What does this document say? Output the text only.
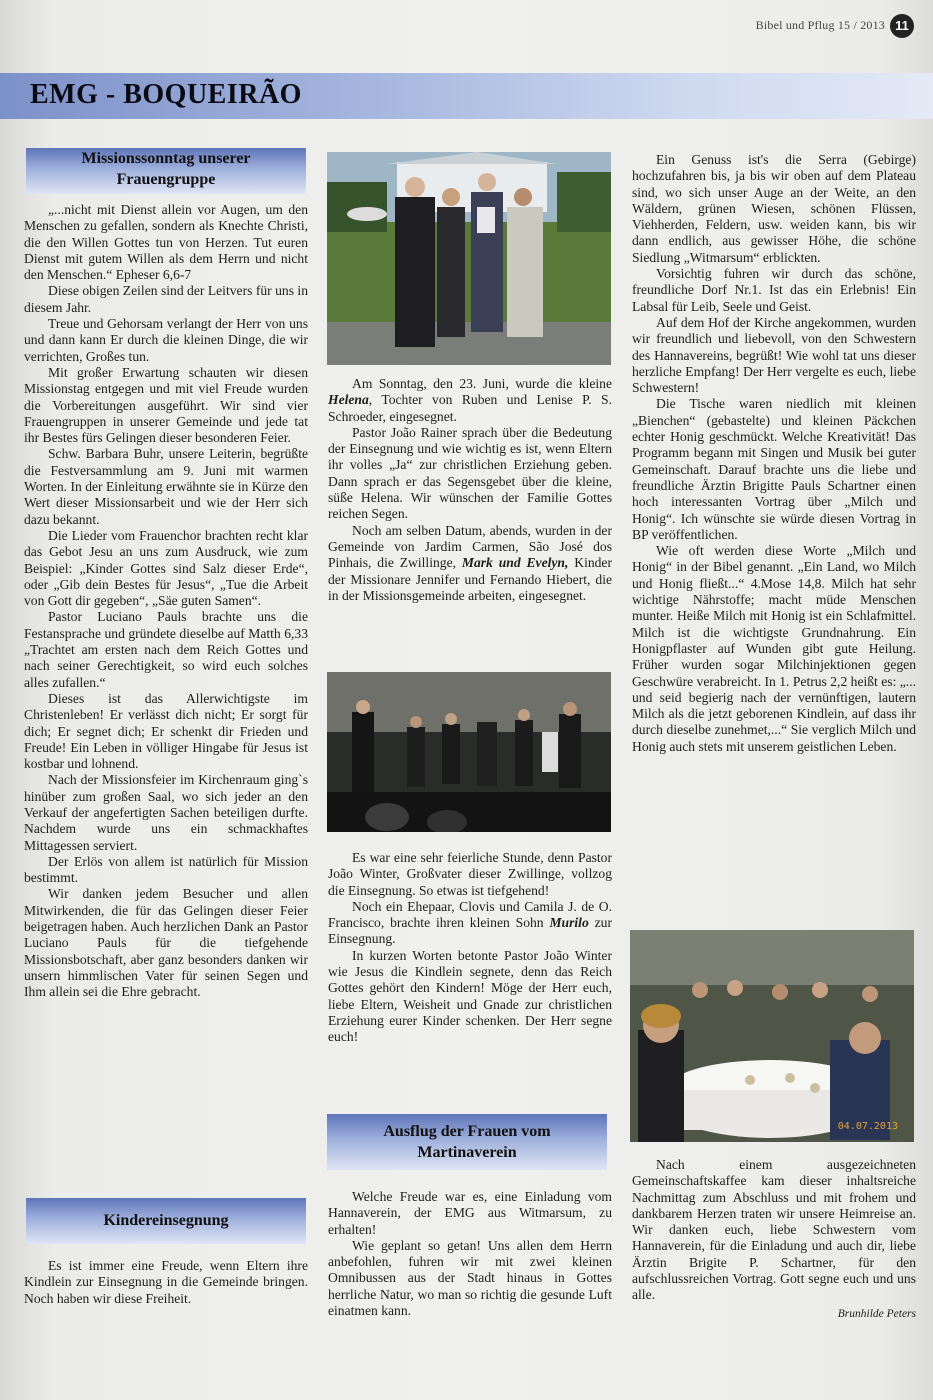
Bibel und Pflug 15 / 2013 11
EMG - BOQUEIRÃO
Missionssonntag unserer Frauengruppe

„...nicht mit Dienst allein vor Augen, um den Menschen zu gefallen, sondern als Knechte Christi, die den Willen Gottes tun von Herzen. Tut euren Dienst mit gutem Willen als dem Herrn und nicht den Menschen.“ Epheser 6,6-7

Diese obigen Zeilen sind der Leitvers für uns in diesem Jahr.

Treue und Gehorsam verlangt der Herr von uns und dann kann Er durch die kleinen Dinge, die wir verrichten, Großes tun.

Mit großer Erwartung schauten wir diesen Missionstag entgegen und mit viel Freude wurden die Vorbereitungen ausgeführt. Wir sind vier Frauengruppen in unserer Gemeinde und jede tat ihr Bestes fürs Gelingen dieser besonderen Feier.

Schw. Barbara Buhr, unsere Leiterin, begrüßte die Festversammlung am 9. Juni mit warmen Worten. In der Einleitung erwähnte sie in Kürze den Wert dieser Missionsarbeit und wie der Herr sich dazu bekannt.

Die Lieder vom Frauenchor brachten recht klar das Gebot Jesu an uns zum Ausdruck, wie zum Beispiel: „Kinder Gottes sind Salz dieser Erde“, oder „Gib dein Bestes für Jesus“, „Tue die Arbeit von Gott dir gegeben“, „Säe guten Samen“.

Pastor Luciano Pauls brachte uns die Festansprache und gründete dieselbe auf Matth 6,33 „Trachtet am ersten nach dem Reich Gottes und nach seiner Gerechtigkeit, so wird euch solches alles zufallen.“

Dieses ist das Allerwichtigste im Christenleben! Er verlässt dich nicht; Er sorgt für dich; Er segnet dich; Er schenkt dir Frieden und Freude! Ein Leben in völliger Hingabe für Jesus ist kostbar und lohnend.

Nach der Missionsfeier im Kirchenraum ging`s hinüber zum großen Saal, wo sich jeder an den Verkauf der angefertigten Sachen beteiligen durfte. Nachdem wurde uns ein schmackhaftes Mittagessen serviert.

Der Erlös von allem ist natürlich für Mission bestimmt.

Wir danken jedem Besucher und allen Mitwirkenden, die für das Gelingen dieser Feier beigetragen haben. Auch herzlichen Dank an Pastor Luciano Pauls für die tiefgehende Missionsbotschaft, aber ganz besonders danken wir unsern himmlischen Vater für seinen Segen und Ihm allein sei die Ehre gebracht.

Kindereinsegnung

Es ist immer eine Freude, wenn Eltern ihre Kindlein zur Einsegnung in die Gemeinde bringen. Noch haben wir diese Freiheit.

Am Sonntag, den 23. Juni, wurde die kleine Helena, Tochter von Ruben und Lenise P. S. Schroeder, eingesegnet.

Pastor João Rainer sprach über die Bedeutung der Einsegnung und wie wichtig es ist, wenn Eltern ihr volles „Ja“ zur christlichen Erziehung geben. Dann sprach er das Segensgebet über die kleine, süße Helena. Wir wünschen der Familie Gottes reichen Segen.

Noch am selben Datum, abends, wurden in der Gemeinde von Jardim Carmen, São José dos Pinhais, die Zwillinge, Mark und Evelyn, Kinder der Missionare Jennifer und Fernando Hiebert, die in der Missionsgemeinde arbeiten, eingesegnet.

Es war eine sehr feierliche Stunde, denn Pastor João Winter, Großvater dieser Zwillinge, vollzog die Einsegnung. So etwas ist tiefgehend!

Noch ein Ehepaar, Clovis und Camila J. de O. Francisco, brachte ihren kleinen Sohn Murilo zur Einsegnung.

In kurzen Worten betonte Pastor João Winter wie Jesus die Kindlein segnete, denn das Reich Gottes gehört den Kindern! Möge der Herr euch, liebe Eltern, Weisheit und Gnade zur christlichen Erziehung eurer Kinder schenken. Der Herr segne euch!

Ausflug der Frauen vom Martinaverein

Welche Freude war es, eine Einladung vom Hannaverein, der EMG aus Witmarsum, zu erhalten!

Wie geplant so getan! Uns allen dem Herrn anbefohlen, fuhren wir mit zwei kleinen Omnibussen aus der Stadt hinaus in Gottes herrliche Natur, wo man so richtig die gesunde Luft einatmen kann.

Ein Genuss ist's die Serra (Gebirge) hochzufahren bis, ja bis wir oben auf dem Plateau sind, wo sich unser Auge an der Weite, an den Wäldern, grünen Wiesen, schönen Flüssen, Viehherden, Feldern, usw. weiden kann, bis wir dann endlich, aus gewisser Höhe, die schöne Siedlung „Witmarsum“ erblickten.

Vorsichtig fuhren wir durch das schöne, freundliche Dorf Nr.1. Ist das ein Erlebnis! Ein Labsal für Leib, Seele und Geist.

Auf dem Hof der Kirche angekommen, wurden wir freundlich und liebevoll, von den Schwestern des Hannavereins, begrüßt! Wie wohl tat uns dieser herzliche Empfang! Der Herr vergelte es euch, liebe Schwestern!

Die Tische waren niedlich mit kleinen „Bienchen“ (gebastelte) und kleinen Päckchen echter Honig geschmückt. Welche Kreativität! Das Programm begann mit Singen und Musik bei guter Gemeinschaft. Darauf brachte uns die liebe und freundliche Ärztin Brigitte Pauls Schartner einen hoch interessanten Vortrag über „Milch und Honig“. Ich wünschte sie würde diesen Vortrag in BP veröffentlichen.

Wie oft werden diese Worte „Milch und Honig“ in der Bibel genannt. „Ein Land, wo Milch und Honig fließt...“ 4.Mose 14,8. Milch hat sehr wichtige Nährstoffe; macht müde Menschen munter. Heiße Milch mit Honig ist ein Schlafmittel. Milch ist die wichtigste Grundnahrung. Ein Honigpflaster auf Wunden gibt gute Heilung. Früher wurden sogar Milchinjektionen gegen Geschwüre verabreicht. In 1. Petrus 2,2 heißt es: „... und seid begierig nach der vernünftigen, lautern Milch als die jetzt geborenen Kindlein, auf dass ihr durch dieselbe zunehmet,...“ Sie verglich Milch und Honig auch stets mit unserem geistlichen Leben.

04.07.2013

Nach einem ausgezeichneten Gemeinschaftskaffee kam dieser inhaltsreiche Nachmittag zum Abschluss und mit frohem und dankbarem Herzen traten wir unsere Heimreise an. Wir danken euch, liebe Schwestern vom Hannaverein, für die Einladung und auch dir, liebe Ärztin Brigite P. Schartner, für den aufschlussreichen Vortrag. Gott segne euch und uns alle.

Brunhilde Peters
